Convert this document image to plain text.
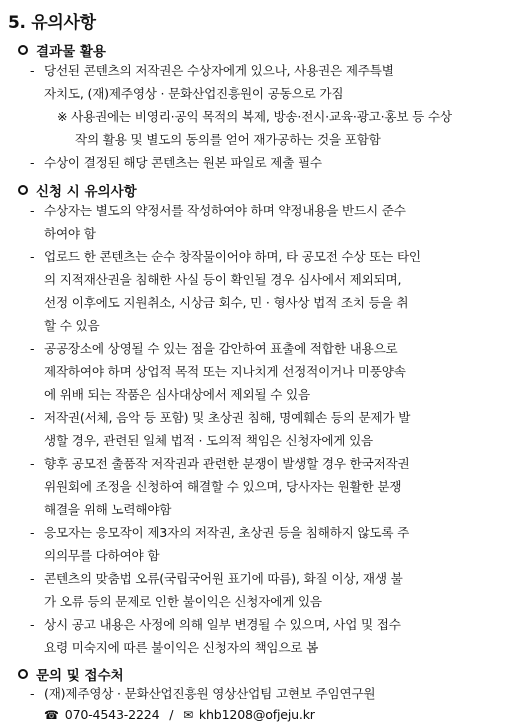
5. 유의사항
결과물 활용
- 당선된 콘텐츠의 저작권은 수상자에게 있으나, 사용권은 제주특별
자치도, (재)제주영상 · 문화산업진흥원이 공동으로 가짐
※ 사용권에는 비영리·공익 목적의 복제, 방송·전시·교육·광고·홍보 등 수상
작의 활용 및 별도의 동의를 얻어 재가공하는 것을 포함함
- 수상이 결정된 해당 콘텐츠는 원본 파일로 제출 필수
신청 시 유의사항
- 수상자는 별도의 약정서를 작성하여야 하며 약정내용을 반드시 준수
하여야 함
- 업로드 한 콘텐츠는 순수 창작물이어야 하며, 타 공모전 수상 또는 타인
의 지적재산권을 침해한 사실 등이 확인될 경우 심사에서 제외되며,
선정 이후에도 지원취소, 시상금 회수, 민 · 형사상 법적 조치 등을 취
할 수 있음
- 공공장소에 상영될 수 있는 점을 감안하여 표출에 적합한 내용으로
제작하여야 하며 상업적 목적 또는 지나치게 선정적이거나 미풍양속
에 위배 되는 작품은 심사대상에서 제외될 수 있음
- 저작권(서체, 음악 등 포함) 및 초상권 침해, 명예훼손 등의 문제가 발
생할 경우, 관련된 일체 법적 · 도의적 책임은 신청자에게 있음
- 향후 공모전 출품작 저작권과 관련한 분쟁이 발생할 경우 한국저작권
위원회에 조정을 신청하여 해결할 수 있으며, 당사자는 원활한 분쟁
해결을 위해 노력해야함
- 응모자는 응모작이 제3자의 저작권, 초상권 등을 침해하지 않도록 주
의의무를 다하여야 함
- 콘텐츠의 맞춤법 오류(국립국어원 표기에 따름), 화질 이상, 재생 불
가 오류 등의 문제로 인한 불이익은 신청자에게 있음
- 상시 공고 내용은 사정에 의해 일부 변경될 수 있으며, 사업 및 접수
요령 미숙지에 따른 불이익은 신청자의 책임으로 봄
문의 및 접수처
- (재)제주영상 · 문화산업진흥원 영상산업팀 고현보 주임연구원
☎ 070-4543-2224 / ✉ khb1208@ofjeju.kr
